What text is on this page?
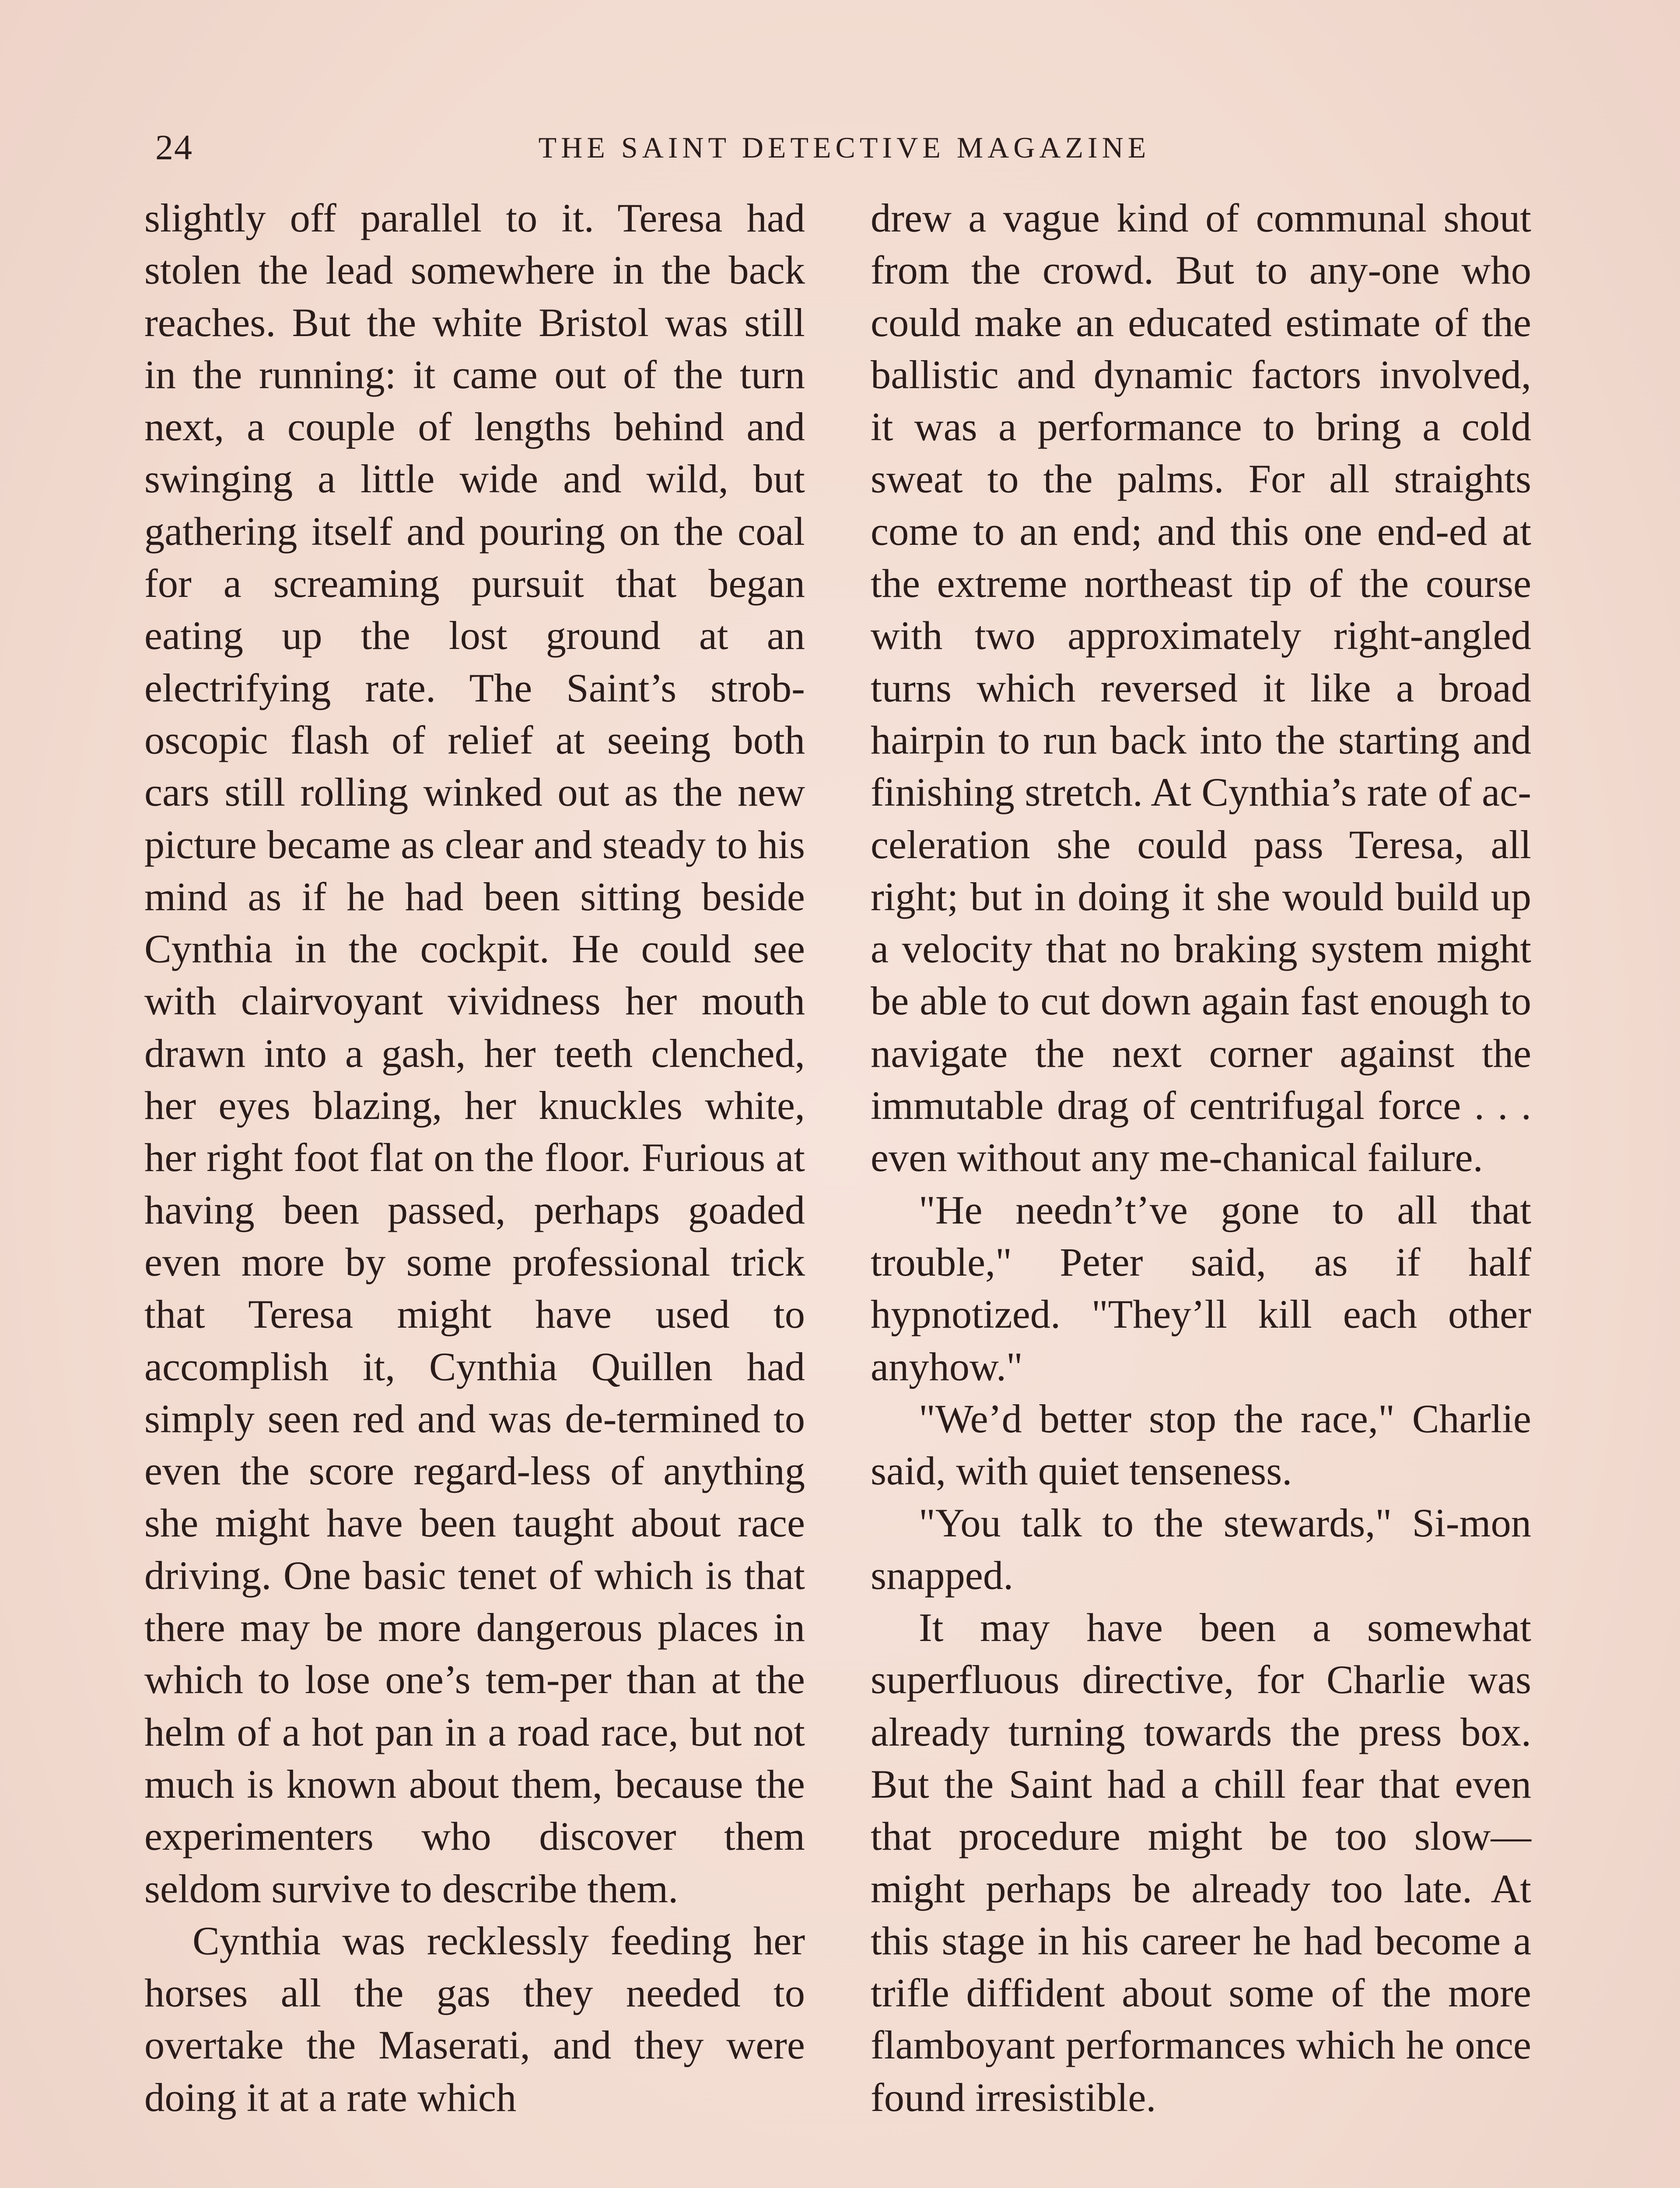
24	THE SAINT DETECTIVE MAGAZINE

slightly off parallel to it. Teresa had stolen the lead somewhere in the back reaches. But the white Bristol was still in the running: it came out of the turn next, a couple of lengths behind and swinging a little wide and wild, but gathering itself and pouring on the coal for a screaming pursuit that began eating up the lost ground at an electrifying rate. The Saint’s strob-oscopic flash of relief at seeing both cars still rolling winked out as the new picture became as clear and steady to his mind as if he had been sitting beside Cynthia in the cockpit. He could see with clairvoyant vividness her mouth drawn into a gash, her teeth clenched, her eyes blazing, her knuckles white, her right foot flat on the floor. Furious at having been passed, perhaps goaded even more by some professional trick that Teresa might have used to accomplish it, Cynthia Quillen had simply seen red and was de-termined to even the score regard-less of anything she might have been taught about race driving. One basic tenet of which is that there may be more dangerous places in which to lose one’s tem-per than at the helm of a hot pan in a road race, but not much is known about them, because the experimenters who discover them seldom survive to describe them.

Cynthia was recklessly feeding her horses all the gas they needed to overtake the Maserati, and they were doing it at a rate which

drew a vague kind of communal shout from the crowd. But to any-one who could make an educated estimate of the ballistic and dynamic factors involved, it was a performance to bring a cold sweat to the palms. For all straights come to an end; and this one end-ed at the extreme northeast tip of the course with two approximately right-angled turns which reversed it like a broad hairpin to run back into the starting and finishing stretch. At Cynthia’s rate of ac-celeration she could pass Teresa, all right; but in doing it she would build up a velocity that no braking system might be able to cut down again fast enough to navigate the next corner against the immutable drag of centrifugal force . . . even without any me-chanical failure.

"He needn’t’ve gone to all that trouble," Peter said, as if half hypnotized. "They’ll kill each other anyhow."

"We’d better stop the race," Charlie said, with quiet tenseness.

"You talk to the stewards," Si-mon snapped.

It may have been a somewhat superfluous directive, for Charlie was already turning towards the press box. But the Saint had a chill fear that even that procedure might be too slow—might perhaps be already too late. At this stage in his career he had become a trifle diffident about some of the more flamboyant performances which he once found irresistible.
